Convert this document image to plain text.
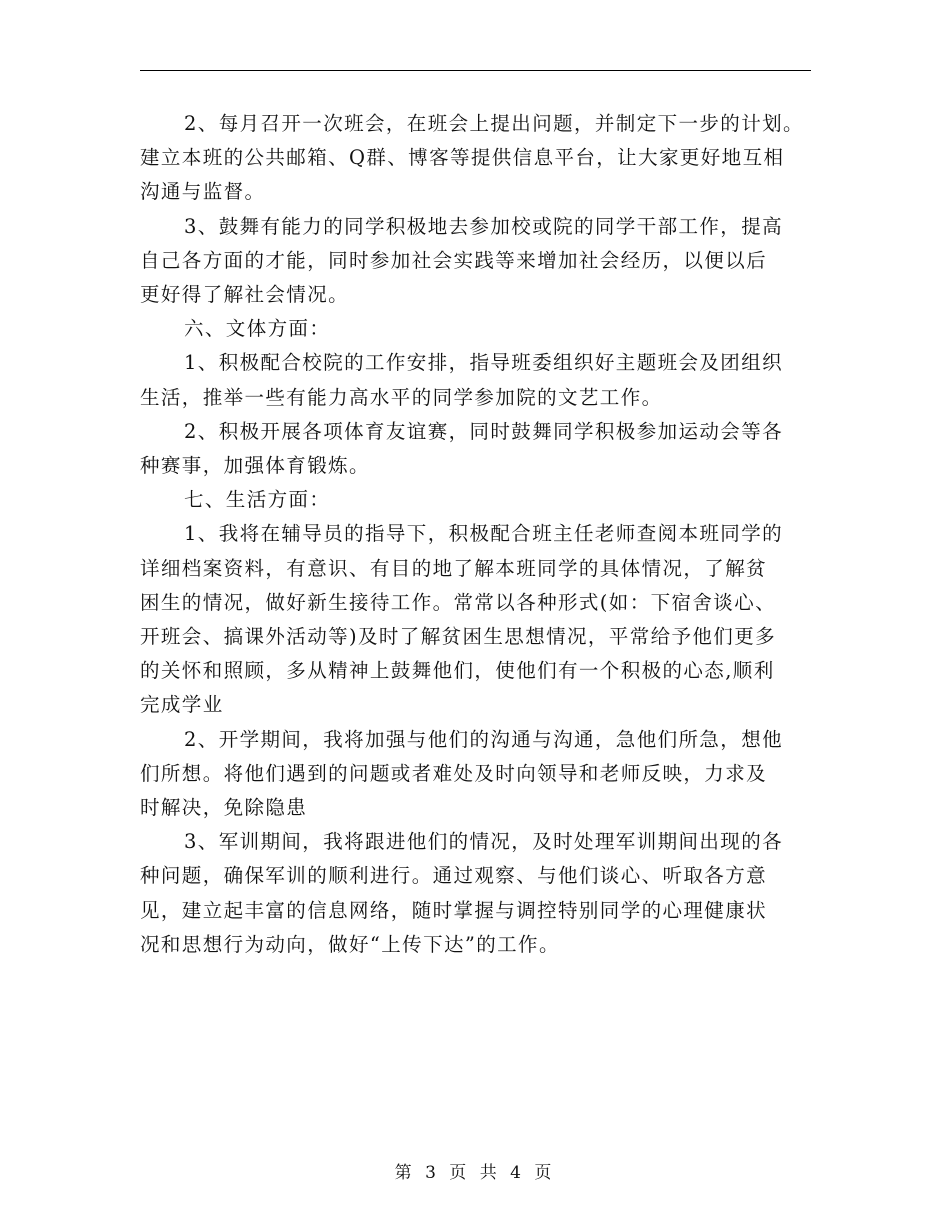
2、每月召开一次班会，在班会上提出问题，并制定下一步的计划。
建立本班的公共邮箱、Q群、博客等提供信息平台，让大家更好地互相
沟通与监督。
3、鼓舞有能力的同学积极地去参加校或院的同学干部工作，提高
自己各方面的才能，同时参加社会实践等来增加社会经历，以便以后
更好得了解社会情况。
六、文体方面：
1、积极配合校院的工作安排，指导班委组织好主题班会及团组织
生活，推举一些有能力高水平的同学参加院的文艺工作。
2、积极开展各项体育友谊赛，同时鼓舞同学积极参加运动会等各
种赛事，加强体育锻炼。
七、生活方面：
1、我将在辅导员的指导下，积极配合班主任老师查阅本班同学的
详细档案资料，有意识、有目的地了解本班同学的具体情况，了解贫
困生的情况，做好新生接待工作。常常以各种形式(如：下宿舍谈心、
开班会、搞课外活动等)及时了解贫困生思想情况，平常给予他们更多
的关怀和照顾，多从精神上鼓舞他们，使他们有一个积极的心态,顺利
完成学业
2、开学期间，我将加强与他们的沟通与沟通，急他们所急，想他
们所想。将他们遇到的问题或者难处及时向领导和老师反映，力求及
时解决，免除隐患
3、军训期间，我将跟进他们的情况，及时处理军训期间出现的各
种问题，确保军训的顺利进行。通过观察、与他们谈心、听取各方意
见，建立起丰富的信息网络，随时掌握与调控特别同学的心理健康状
况和思想行为动向，做好“上传下达”的工作。
第 3 页 共 4 页
